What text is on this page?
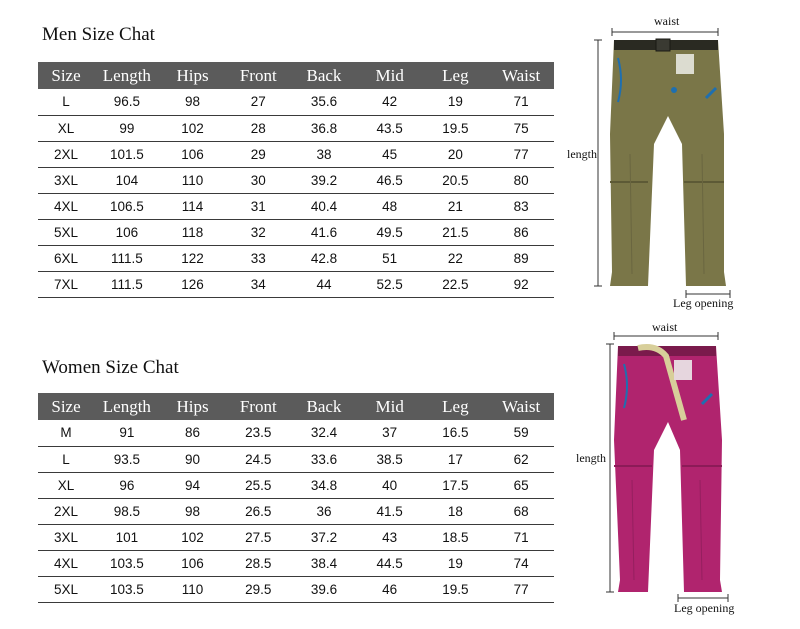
Men Size Chat
Size	Length	Hips	Front	Back	Mid	Leg	Waist
L	96.5	98	27	35.6	42	19	71
XL	99	102	28	36.8	43.5	19.5	75
2XL	101.5	106	29	38	45	20	77
3XL	104	110	30	39.2	46.5	20.5	80
4XL	106.5	114	31	40.4	48	21	83
5XL	106	118	32	41.6	49.5	21.5	86
6XL	111.5	122	33	42.8	51	22	89
7XL	111.5	126	34	44	52.5	22.5	92
Women Size Chat
Size	Length	Hips	Front	Back	Mid	Leg	Waist
M	91	86	23.5	32.4	37	16.5	59
L	93.5	90	24.5	33.6	38.5	17	62
XL	96	94	25.5	34.8	40	17.5	65
2XL	98.5	98	26.5	36	41.5	18	68
3XL	101	102	27.5	37.2	43	18.5	71
4XL	103.5	106	28.5	38.4	44.5	19	74
5XL	103.5	110	29.5	39.6	46	19.5	77
waist
length
Leg opening
waist
length
Leg opening
